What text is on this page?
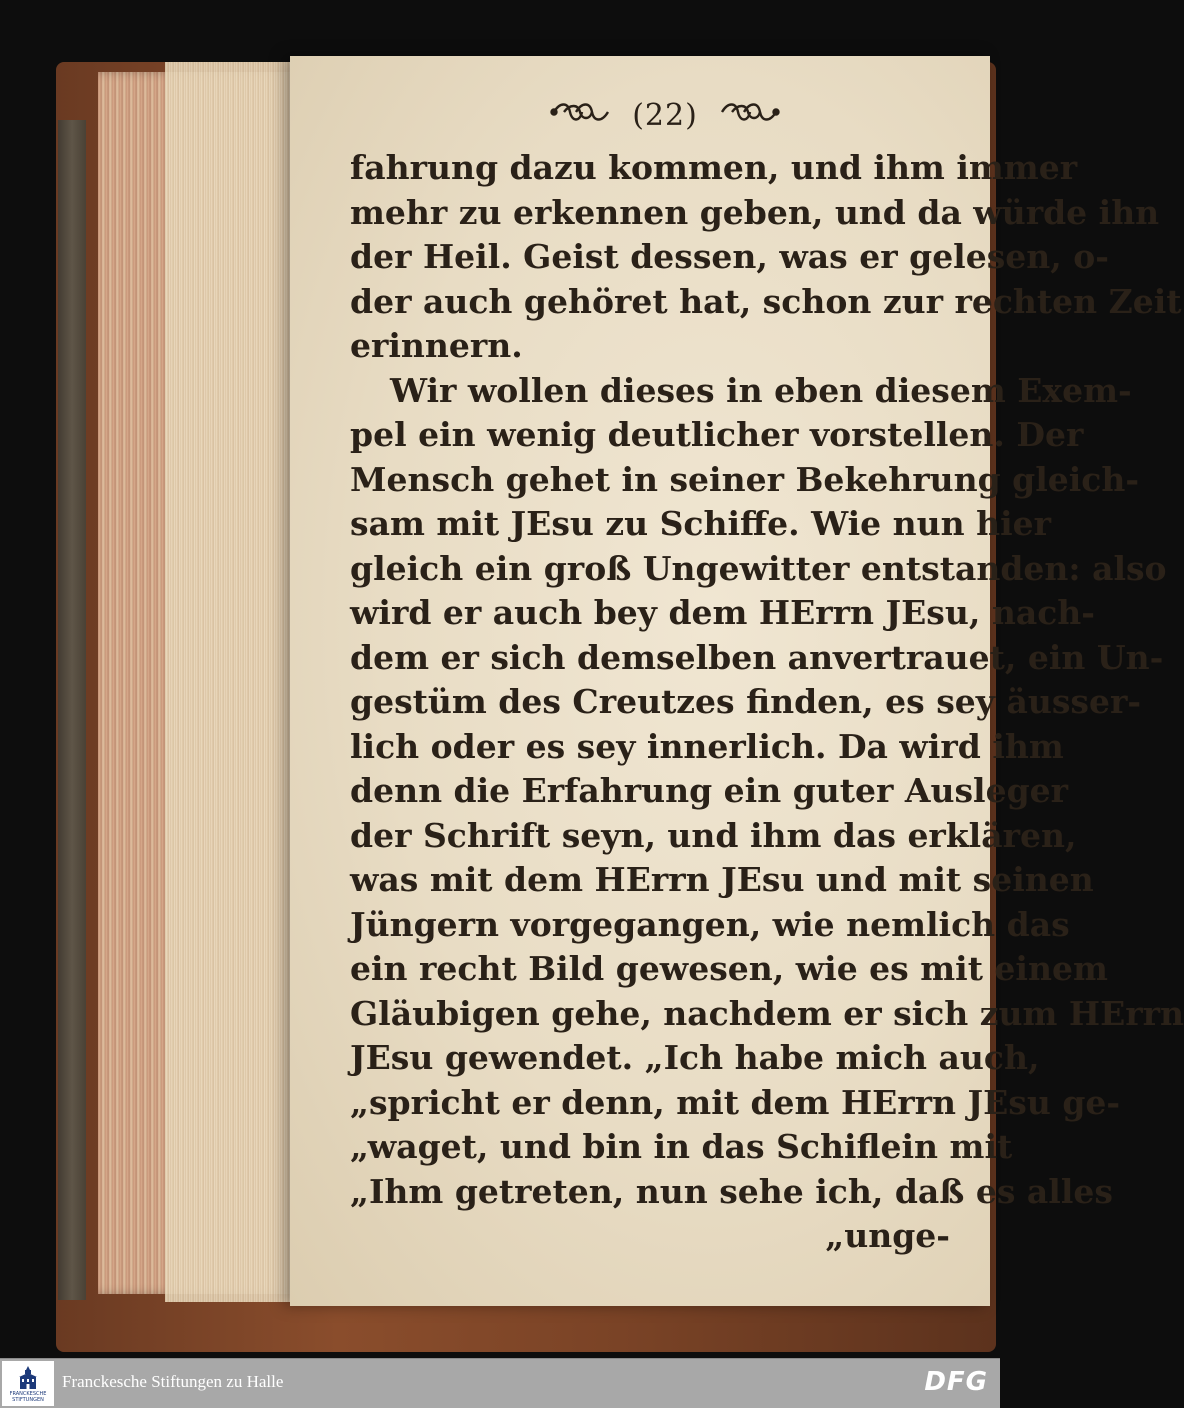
(22)
fahrung dazu kommen, und ihm immer
mehr zu erkennen geben, und da würde ihn
der Heil. Geist dessen, was er gelesen, o-
der auch gehöret hat, schon zur rechten Zeit
erinnern.
Wir wollen dieses in eben diesem Exem-
pel ein wenig deutlicher vorstellen. Der
Mensch gehet in seiner Bekehrung gleich-
sam mit JEsu zu Schiffe. Wie nun hier
gleich ein groß Ungewitter entstanden: also
wird er auch bey dem HErrn JEsu, nach-
dem er sich demselben anvertrauet, ein Un-
gestüm des Creutzes finden, es sey äusser-
lich oder es sey innerlich. Da wird ihm
denn die Erfahrung ein guter Ausleger
der Schrift seyn, und ihm das erklären,
was mit dem HErrn JEsu und mit seinen
Jüngern vorgegangen, wie nemlich das
ein recht Bild gewesen, wie es mit einem
Gläubigen gehe, nachdem er sich zum HErrn
JEsu gewendet. „Ich habe mich auch,
„spricht er denn, mit dem HErrn JEsu ge-
„waget, und bin in das Schiflein mit
„Ihm getreten, nun sehe ich, daß es alles
„unge-
FRANCKESCHE
STIFTUNGEN
Franckesche Stiftungen zu Halle	DFG
